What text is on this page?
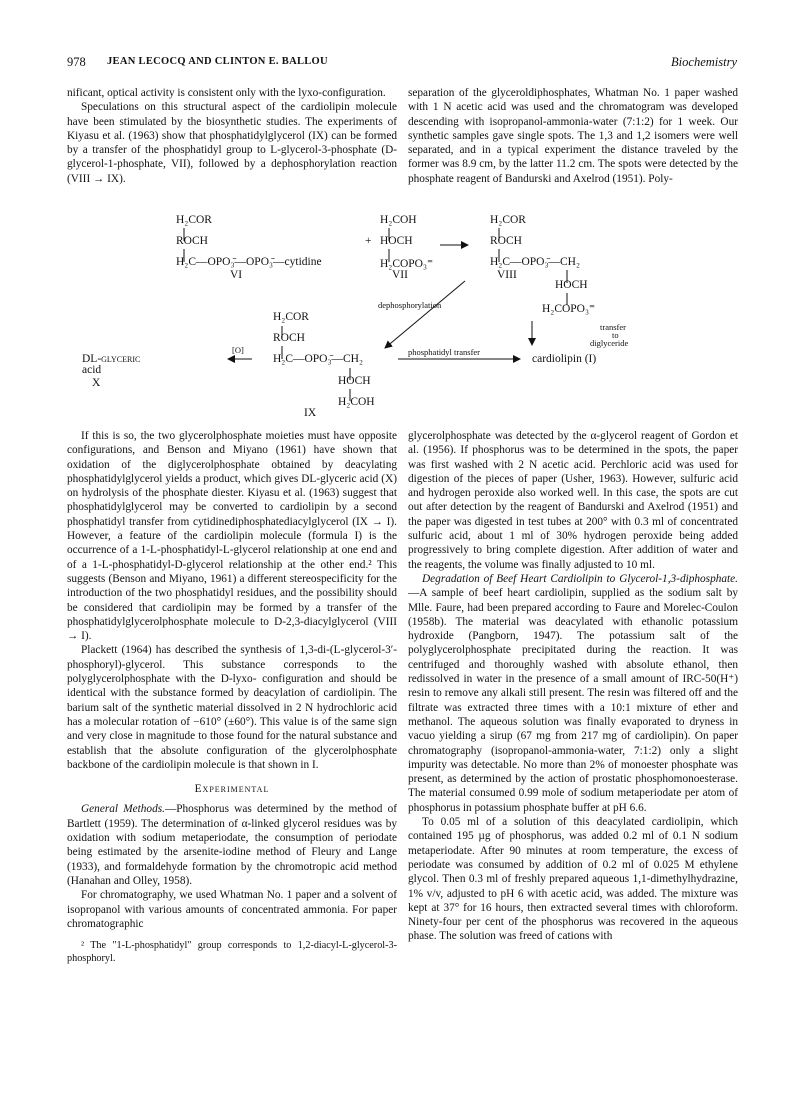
978 JEAN LECOCQ AND CLINTON E. BALLOU	Biochemistry

nificant, optical activity is consistent only with the lyxo-configuration.

Speculations on this structural aspect of the cardiolipin molecule have been stimulated by the biosynthetic studies. The experiments of Kiyasu et al. (1963) show that phosphatidylglycerol (IX) can be formed by a transfer of the phosphatidyl group to L-glycerol-3-phosphate (D-glycerol-1-phosphate, VII), followed by a dephosphorylation reaction (VIII → IX).

separation of the glyceroldiphosphates, Whatman No. 1 paper washed with 1 N acetic acid was used and the chromatogram was developed descending with isopropanol-ammonia-water (7:1:2) for 1 week. Our synthetic samples gave single spots. The 1,3 and 1,2 isomers were well separated, and in a typical experiment the distance traveled by the former was 8.9 cm, by the latter 11.2 cm. The spots were detected by the phosphate reagent of Bandurski and Axelrod (1951). Poly-

H₂COR
ROCH
H₂C—OPO₃̄—OPO₃̄—cytidine
VI
+
H₂COH
HOCH
H₂COPO₃⁼
VII
H₂COR
ROCH
H₂C—OPO₃̄—CH₂
HOCH
H₂COPO₃⁼
VIII
dephosphorylation
transfer
to
diglyceride
H₂COR
ROCH
H₂C—OPO₃̄—CH₂
HOCH
H₂COH
IX
[O]
DL-glyceric
acid
X
phosphatidyl transfer
cardiolipin (I)

If this is so, the two glycerolphosphate moieties must have opposite configurations, and Benson and Miyano (1961) have shown that oxidation of the diglycerolphosphate obtained by deacylating phosphatidylglycerol yields a product, which gives DL-glyceric acid (X) on hydrolysis of the phosphate diester. Kiyasu et al. (1963) suggest that phosphatidylglycerol may be converted to cardiolipin by a second phosphatidyl transfer from cytidinediphosphatediacylglycerol (IX → I). However, a feature of the cardiolipin molecule (formula I) is the occurrence of a 1-L-phosphatidyl-L-glycerol relationship at one end and of a 1-L-phosphatidyl-D-glycerol relationship at the other end.² This suggests (Benson and Miyano, 1961) a different stereospecificity for the introduction of the two phosphatidyl residues, and the possibility should be considered that cardiolipin may be formed by a transfer of the phosphatidylglycerolphosphate molecule to D-2,3-diacylglycerol (VIII → I).

Plackett (1964) has described the synthesis of 1,3-di-(L-glycerol-3′-phosphoryl)-glycerol. This substance corresponds to the polyglycerolphosphate with the D-lyxo- configuration and should be identical with the substance formed by deacylation of cardiolipin. The barium salt of the synthetic material dissolved in 2 N hydrochloric acid has a molecular rotation of −610° (±60°). This value is of the same sign and very close in magnitude to those found for the natural substance and establish that the absolute configuration of the glycerolphosphate backbone of the cardiolipin molecule is that shown in I.

Experimental

General Methods.—Phosphorus was determined by the method of Bartlett (1959). The determination of α-linked glycerol residues was by oxidation with sodium metaperiodate, the consumption of periodate being estimated by the arsenite-iodine method of Fleury and Lange (1933), and formaldehyde formation by the chromotropic acid method (Hanahan and Olley, 1958).

For chromatography, we used Whatman No. 1 paper and a solvent of isopropanol with various amounts of concentrated ammonia. For paper chromatographic

² The "1-L-phosphatidyl" group corresponds to 1,2-diacyl-L-glycerol-3-phosphoryl.

glycerolphosphate was detected by the α-glycerol reagent of Gordon et al. (1956). If phosphorus was to be determined in the spots, the paper was first washed with 2 N acetic acid. Perchloric acid was used for digestion of the pieces of paper (Usher, 1963). However, sulfuric acid and hydrogen peroxide also worked well. In this case, the spots are cut out after detection by the reagent of Bandurski and Axelrod (1951) and the paper was digested in test tubes at 200° with 0.3 ml of concentrated sulfuric acid, about 1 ml of 30% hydrogen peroxide being added progressively to bring complete digestion. After addition of water and the reagents, the volume was finally adjusted to 10 ml.

Degradation of Beef Heart Cardiolipin to Glycerol-1,3-diphosphate.—A sample of beef heart cardiolipin, supplied as the sodium salt by Mlle. Faure, had been prepared according to Faure and Morelec-Coulon (1958b). The material was deacylated with ethanolic potassium hydroxide (Pangborn, 1947). The potassium salt of the polyglycerolphosphate precipitated during the reaction. It was centrifuged and thoroughly washed with absolute ethanol, then redissolved in water in the presence of a small amount of IRC-50(H⁺) resin to remove any alkali still present. The resin was filtered off and the filtrate was extracted three times with a 10:1 mixture of ether and methanol. The aqueous solution was finally evaporated to dryness in vacuo yielding a sirup (67 mg from 217 mg of cardiolipin). On paper chromatography (isopropanol-ammonia-water, 7:1:2) only a slight impurity was detectable. No more than 2% of monoester phosphate was present, as determined by the action of prostatic phosphomonoesterase. The material consumed 0.99 mole of sodium metaperiodate per atom of phosphorus in potassium phosphate buffer at pH 6.6.

To 0.05 ml of a solution of this deacylated cardiolipin, which contained 195 µg of phosphorus, was added 0.2 ml of 0.1 N sodium metaperiodate. After 90 minutes at room temperature, the excess of periodate was consumed by addition of 0.2 ml of 0.025 M ethylene glycol. Then 0.3 ml of freshly prepared aqueous 1,1-dimethylhydrazine, 1% v/v, adjusted to pH 6 with acetic acid, was added. The mixture was kept at 37° for 16 hours, then extracted several times with chloroform. Ninety-four per cent of the phosphorus was recovered in the aqueous phase. The solution was freed of cations with
